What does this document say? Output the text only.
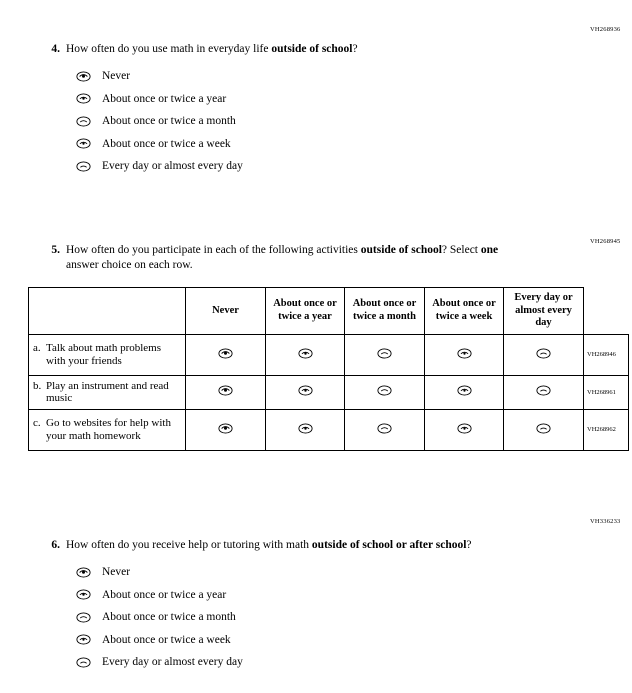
VH268936
4. How often do you use math in everyday life outside of school?
Never
About once or twice a year
About once or twice a month
About once or twice a week
Every day or almost every day
VH268945
5. How often do you participate in each of the following activities outside of school? Select one answer choice on each row.
	Never	About once or twice a year	About once or twice a month	About once or twice a week	Every day or almost every day	

a. Talk about math problems with your friends						VH268946

b. Play an instrument and read music						VH268961

c. Go to websites for help with your math homework						VH268962
VH336233
6. How often do you receive help or tutoring with math outside of school or after school?
Never
About once or twice a year
About once or twice a month
About once or twice a week
Every day or almost every day
